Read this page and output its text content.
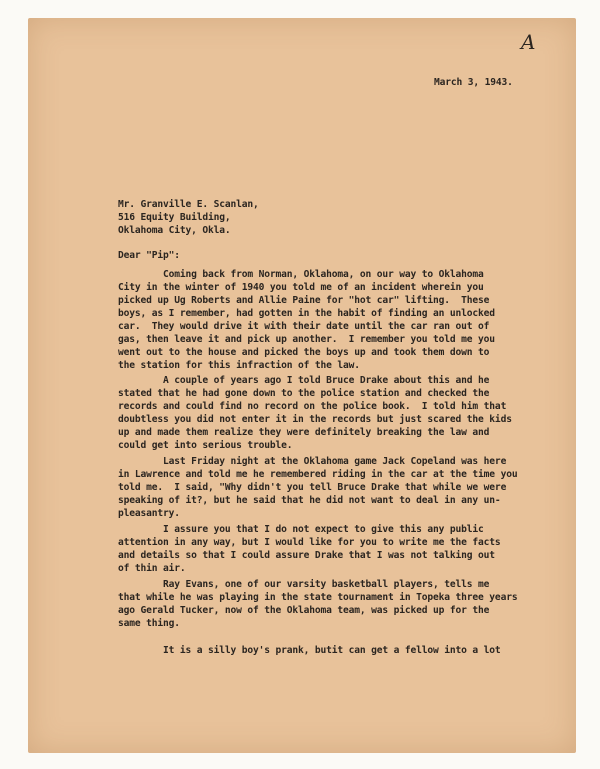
A
March 3, 1943.

Mr. Granville E. Scanlan,

516 Equity Building,

Oklahoma City, Okla.

Dear "Pip":

Coming back from Norman, Oklahoma, on our way to Oklahoma

City in the winter of 1940 you told me of an incident wherein you

picked up Ug Roberts and Allie Paine for "hot car" lifting.  These

boys, as I remember, had gotten in the habit of finding an unlocked

car.  They would drive it with their date until the car ran out of

gas, then leave it and pick up another.  I remember you told me you

went out to the house and picked the boys up and took them down to

the station for this infraction of the law.

A couple of years ago I told Bruce Drake about this and he

stated that he had gone down to the police station and checked the

records and could find no record on the police book.  I told him that

doubtless you did not enter it in the records but just scared the kids

up and made them realize they were definitely breaking the law and

could get into serious trouble.

Last Friday night at the Oklahoma game Jack Copeland was here

in Lawrence and told me he remembered riding in the car at the time you

told me.  I said, "Why didn't you tell Bruce Drake that while we were

speaking of it?, but he said that he did not want to deal in any un-

pleasantry.

I assure you that I do not expect to give this any public

attention in any way, but I would like for you to write me the facts

and details so that I could assure Drake that I was not talking out

of thin air.

Ray Evans, one of our varsity basketball players, tells me

that while he was playing in the state tournament in Topeka three years

ago Gerald Tucker, now of the Oklahoma team, was picked up for the

same thing.

It is a silly boy's prank, butit can get a fellow into a lot
